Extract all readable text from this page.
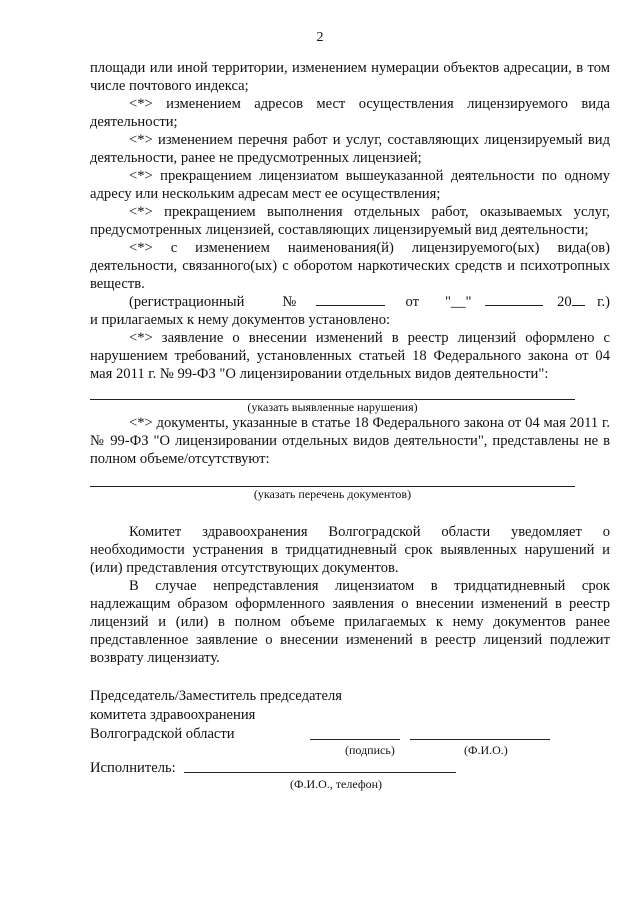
2

площади или иной территории, изменением нумерации объектов адресации, в том числе почтового индекса;

<*> изменением адресов мест осуществления лицензируемого вида деятельности;

<*> изменением перечня работ и услуг, составляющих лицензируемый вид деятельности, ранее не предусмотренных лицензией;

<*> прекращением лицензиатом вышеуказанной деятельности по одному адресу или нескольким адресам мест ее осуществления;

<*> прекращением выполнения отдельных работ, оказываемых услуг, предусмотренных лицензией, составляющих лицензируемый вид деятельности;

<*> с изменением наименования(й) лицензируемого(ых) вида(ов) деятельности, связанного(ых) с оборотом наркотических средств и психотропных веществ.

(регистрационный	№	от " __ "	20 г.)

и прилагаемых к нему документов установлено:

<*> заявление о внесении изменений в реестр лицензий оформлено с нарушением требований, установленных статьей 18 Федерального закона от 04 мая 2011 г. № 99-ФЗ "О лицензировании отдельных видов деятельности":

(указать выявленные нарушения)

<*> документы, указанные в статье 18 Федерального закона от 04 мая 2011 г. № 99-ФЗ "О лицензировании отдельных видов деятельности", представлены не в полном объеме/отсутствуют:

(указать перечень документов)

Комитет здравоохранения Волгоградской области уведомляет о необходимости устранения в тридцатидневный срок выявленных нарушений и (или) представления отсутствующих документов.

В случае непредставления лицензиатом в тридцатидневный срок надлежащим образом оформленного заявления о внесении изменений в реестр лицензий и (или) в полном объеме прилагаемых к нему документов ранее представленное заявление о внесении изменений в реестр лицензий подлежит возврату лицензиату.

Председатель/Заместитель председателя
комитета здравоохранения
Волгоградской области
(подпись)	(Ф.И.О.)
Исполнитель:
(Ф.И.О., телефон)
